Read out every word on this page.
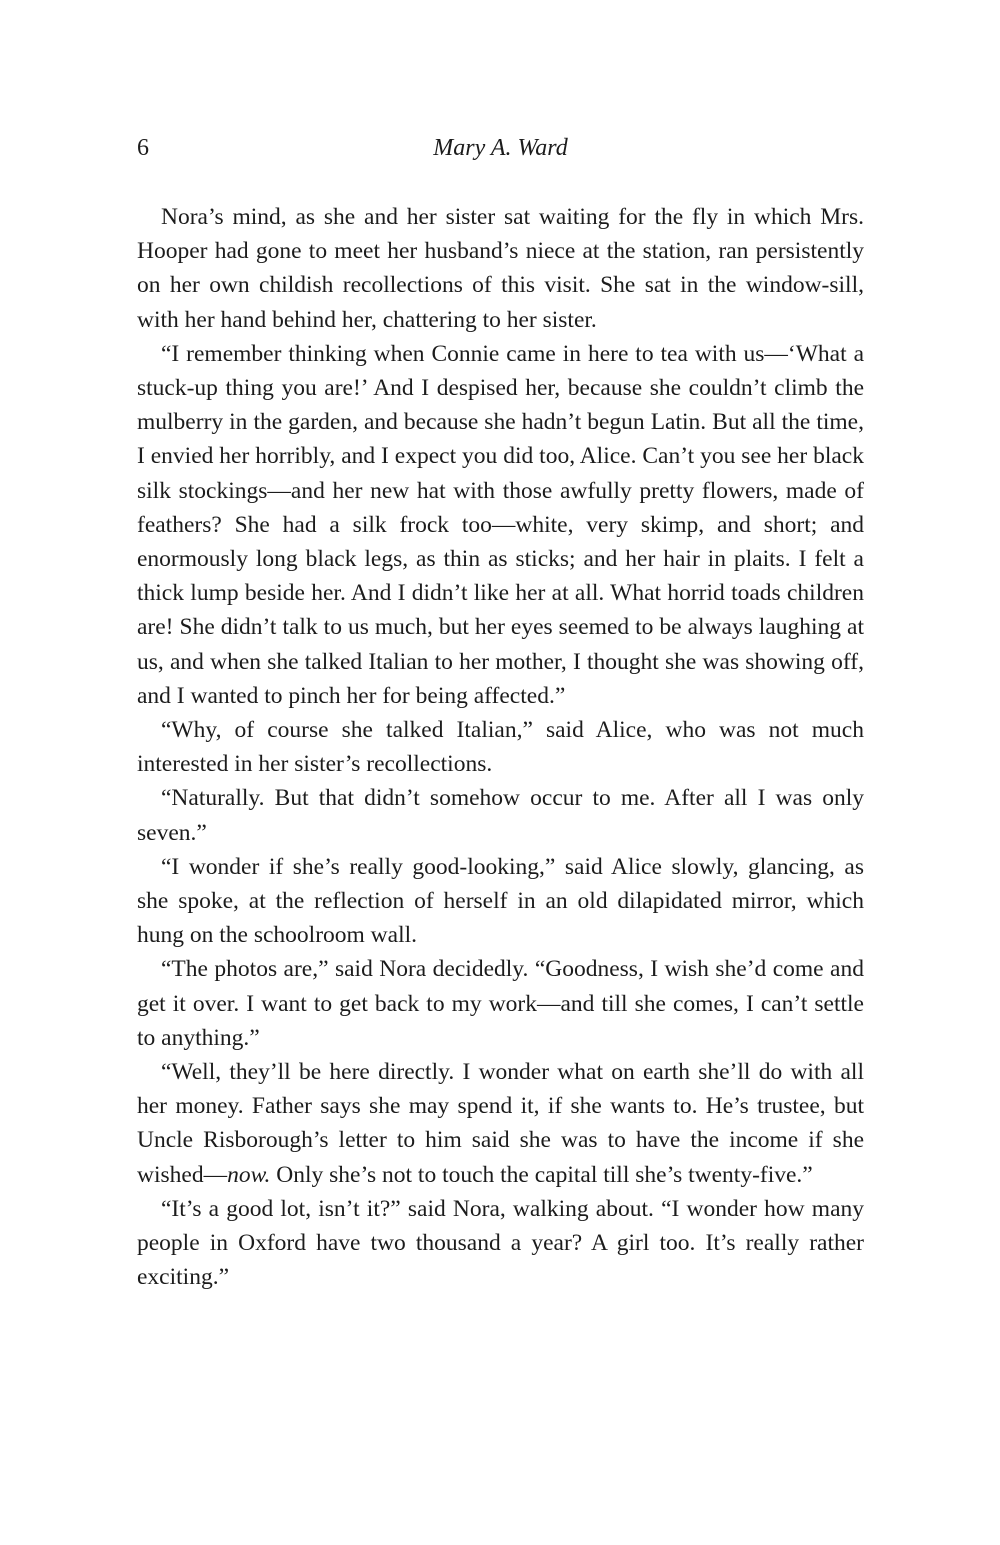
6	Mary A. Ward

Nora’s mind, as she and her sister sat waiting for the fly in which Mrs. Hooper had gone to meet her husband’s niece at the station, ran persistently on her own childish recollections of this visit. She sat in the window-sill, with her hand behind her, chattering to her sister.

“I remember thinking when Connie came in here to tea with us—‘What a stuck-up thing you are!’ And I despised her, because she couldn’t climb the mulberry in the garden, and because she hadn’t begun Latin. But all the time, I envied her horribly, and I expect you did too, Alice. Can’t you see her black silk stockings—and her new hat with those awfully pretty flowers, made of feathers? She had a silk frock too—white, very skimp, and short; and enormously long black legs, as thin as sticks; and her hair in plaits. I felt a thick lump beside her. And I didn’t like her at all. What horrid toads children are! She didn’t talk to us much, but her eyes seemed to be always laughing at us, and when she talked Italian to her mother, I thought she was showing off, and I wanted to pinch her for being affected.”

“Why, of course she talked Italian,” said Alice, who was not much interested in her sister’s recollections.

“Naturally. But that didn’t somehow occur to me. After all I was only seven.”

“I wonder if she’s really good-looking,” said Alice slowly, glancing, as she spoke, at the reflection of herself in an old dilapidated mirror, which hung on the schoolroom wall.

“The photos are,” said Nora decidedly. “Goodness, I wish she’d come and get it over. I want to get back to my work—and till she comes, I can’t settle to anything.”

“Well, they’ll be here directly. I wonder what on earth she’ll do with all her money. Father says she may spend it, if she wants to. He’s trustee, but Uncle Risborough’s letter to him said she was to have the income if she wished—now. Only she’s not to touch the capital till she’s twenty-five.”

“It’s a good lot, isn’t it?” said Nora, walking about. “I wonder how many people in Oxford have two thousand a year? A girl too. It’s really rather exciting.”
